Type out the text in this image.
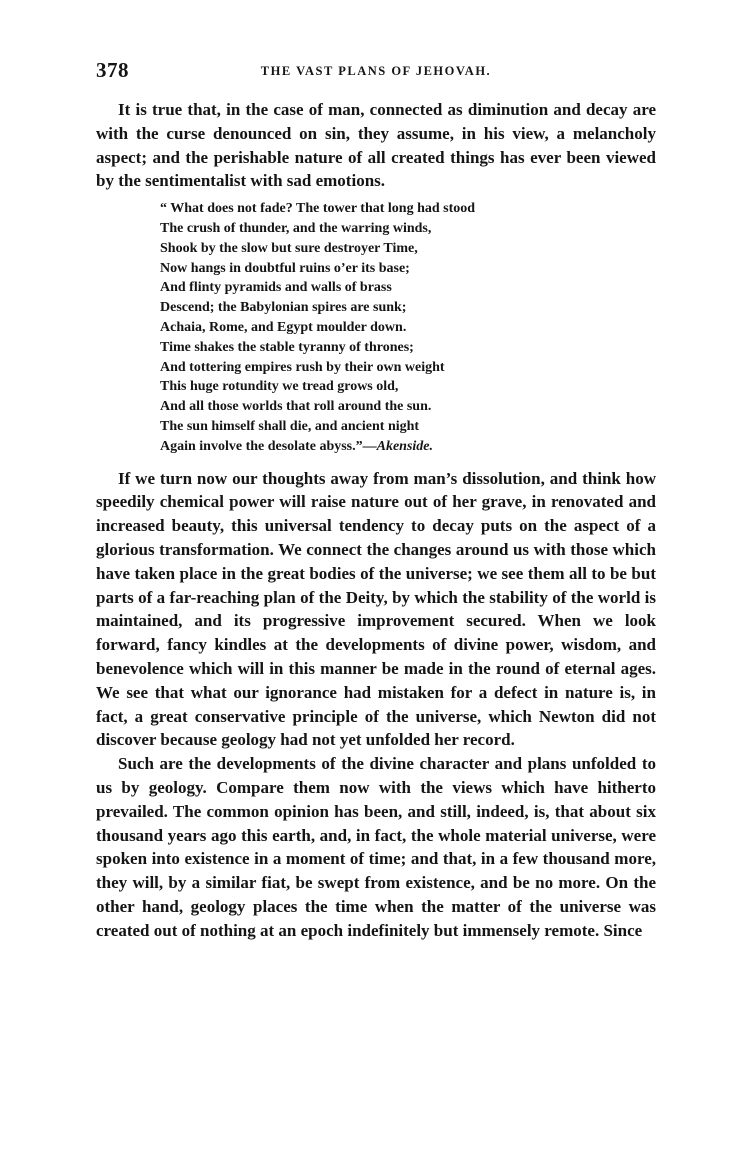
378	THE VAST PLANS OF JEHOVAH.

It is true that, in the case of man, connected as diminution and decay are with the curse denounced on sin, they assume, in his view, a melancholy aspect; and the perishable nature of all created things has ever been viewed by the sentimentalist with sad emotions.

“ What does not fade? The tower that long had stood
The crush of thunder, and the warring winds,
Shook by the slow but sure destroyer Time,
Now hangs in doubtful ruins o’er its base;
And flinty pyramids and walls of brass
Descend; the Babylonian spires are sunk;
Achaia, Rome, and Egypt moulder down.
Time shakes the stable tyranny of thrones;
And tottering empires rush by their own weight
This huge rotundity we tread grows old,
And all those worlds that roll around the sun.
The sun himself shall die, and ancient night
Again involve the desolate abyss.”—Akenside.

If we turn now our thoughts away from man’s dissolution, and think how speedily chemical power will raise nature out of her grave, in renovated and increased beauty, this universal tendency to decay puts on the aspect of a glorious transformation. We connect the changes around us with those which have taken place in the great bodies of the universe; we see them all to be but parts of a far-reaching plan of the Deity, by which the stability of the world is maintained, and its progressive improvement secured. When we look forward, fancy kindles at the developments of divine power, wisdom, and benevolence which will in this manner be made in the round of eternal ages. We see that what our ignorance had mistaken for a defect in nature is, in fact, a great conservative principle of the universe, which Newton did not discover because geology had not yet unfolded her record.

Such are the developments of the divine character and plans unfolded to us by geology. Compare them now with the views which have hitherto prevailed. The common opinion has been, and still, indeed, is, that about six thousand years ago this earth, and, in fact, the whole material universe, were spoken into existence in a moment of time; and that, in a few thousand more, they will, by a similar fiat, be swept from existence, and be no more. On the other hand, geology places the time when the matter of the universe was created out of nothing at an epoch indefinitely but immensely remote. Since
